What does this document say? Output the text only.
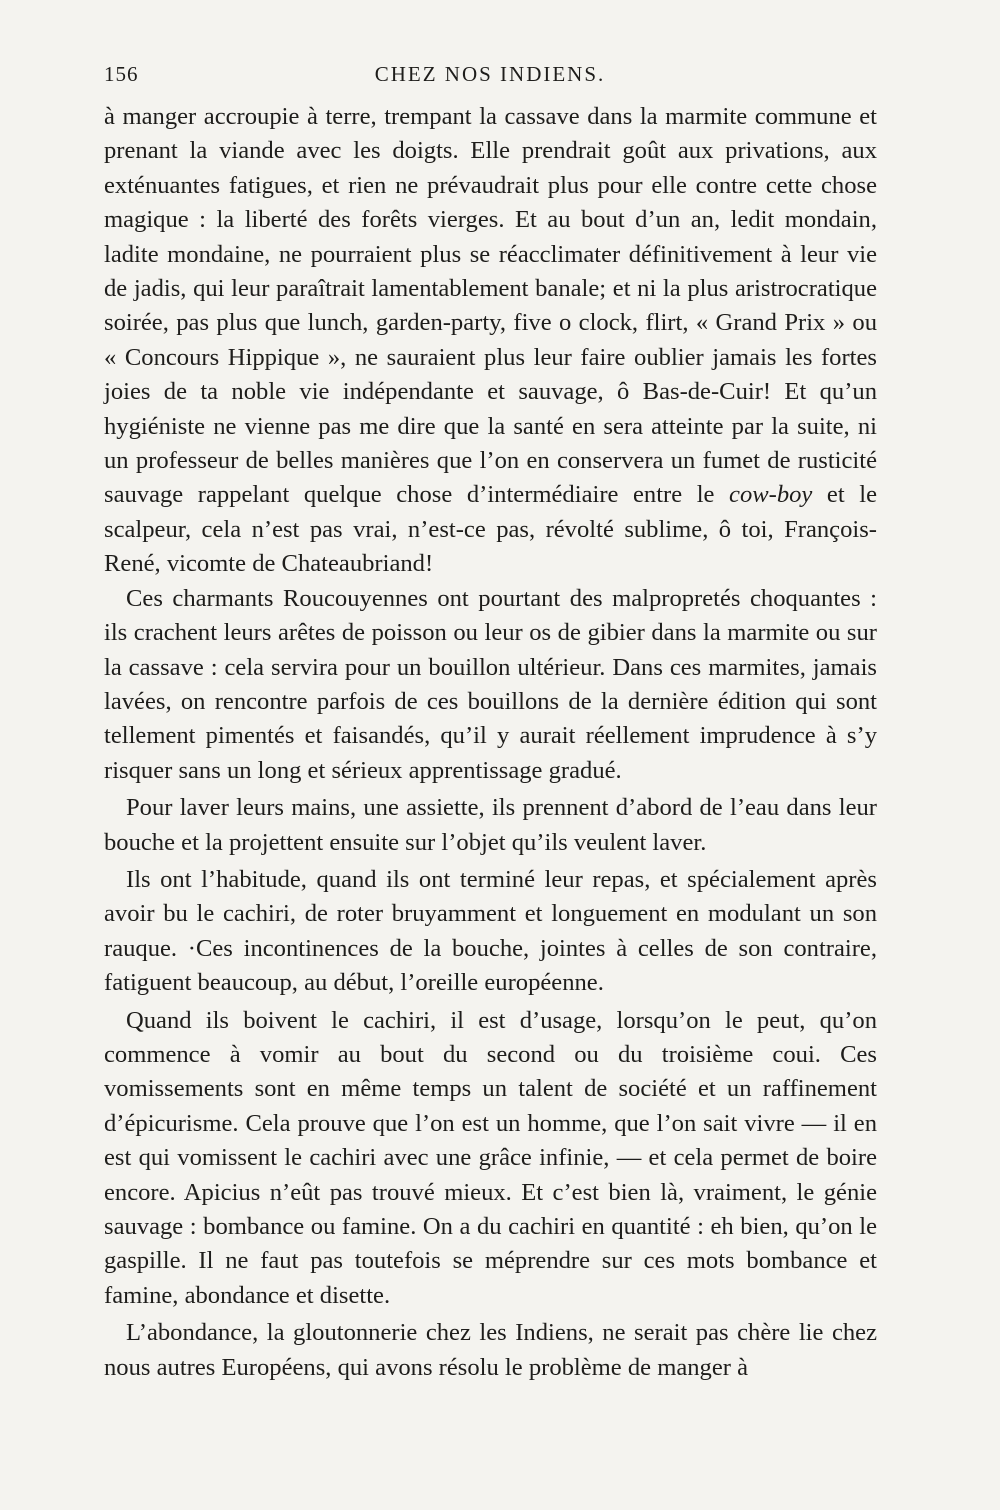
156	CHEZ NOS INDIENS.

à manger accroupie à terre, trempant la cassave dans la marmite commune et prenant la viande avec les doigts. Elle prendrait goût aux privations, aux exténuantes fatigues, et rien ne prévaudrait plus pour elle contre cette chose magique : la liberté des forêts vierges. Et au bout d’un an, ledit mondain, ladite mondaine, ne pourraient plus se réacclimater définitivement à leur vie de jadis, qui leur paraîtrait lamentablement banale; et ni la plus aristrocratique soirée, pas plus que lunch, garden-party, five o clock, flirt, « Grand Prix » ou « Concours Hippique », ne sauraient plus leur faire oublier jamais les fortes joies de ta noble vie indépendante et sauvage, ô Bas-de-Cuir! Et qu’un hygiéniste ne vienne pas me dire que la santé en sera atteinte par la suite, ni un professeur de belles manières que l’on en conservera un fumet de rusticité sauvage rappelant quelque chose d’intermédiaire entre le cow-boy et le scalpeur, cela n’est pas vrai, n’est-ce pas, révolté sublime, ô toi, François-René, vicomte de Chateaubriand!

Ces charmants Roucouyennes ont pourtant des malpropretés choquantes : ils crachent leurs arêtes de poisson ou leur os de gibier dans la marmite ou sur la cassave : cela servira pour un bouillon ultérieur. Dans ces marmites, jamais lavées, on rencontre parfois de ces bouillons de la dernière édition qui sont tellement pimentés et faisandés, qu’il y aurait réellement imprudence à s’y risquer sans un long et sérieux apprentissage gradué.

Pour laver leurs mains, une assiette, ils prennent d’abord de l’eau dans leur bouche et la projettent ensuite sur l’objet qu’ils veulent laver.

Ils ont l’habitude, quand ils ont terminé leur repas, et spécialement après avoir bu le cachiri, de roter bruyamment et longuement en modulant un son rauque. ·Ces incontinences de la bouche, jointes à celles de son contraire, fatiguent beaucoup, au début, l’oreille européenne.

Quand ils boivent le cachiri, il est d’usage, lorsqu’on le peut, qu’on commence à vomir au bout du second ou du troisième coui. Ces vomissements sont en même temps un talent de société et un raffinement d’épicurisme. Cela prouve que l’on est un homme, que l’on sait vivre — il en est qui vomissent le cachiri avec une grâce infinie, — et cela permet de boire encore. Apicius n’eût pas trouvé mieux. Et c’est bien là, vraiment, le génie sauvage : bombance ou famine. On a du cachiri en quantité : eh bien, qu’on le gaspille. Il ne faut pas toutefois se méprendre sur ces mots bombance et famine, abondance et disette.

L’abondance, la gloutonnerie chez les Indiens, ne serait pas chère lie chez nous autres Européens, qui avons résolu le problème de manger à
